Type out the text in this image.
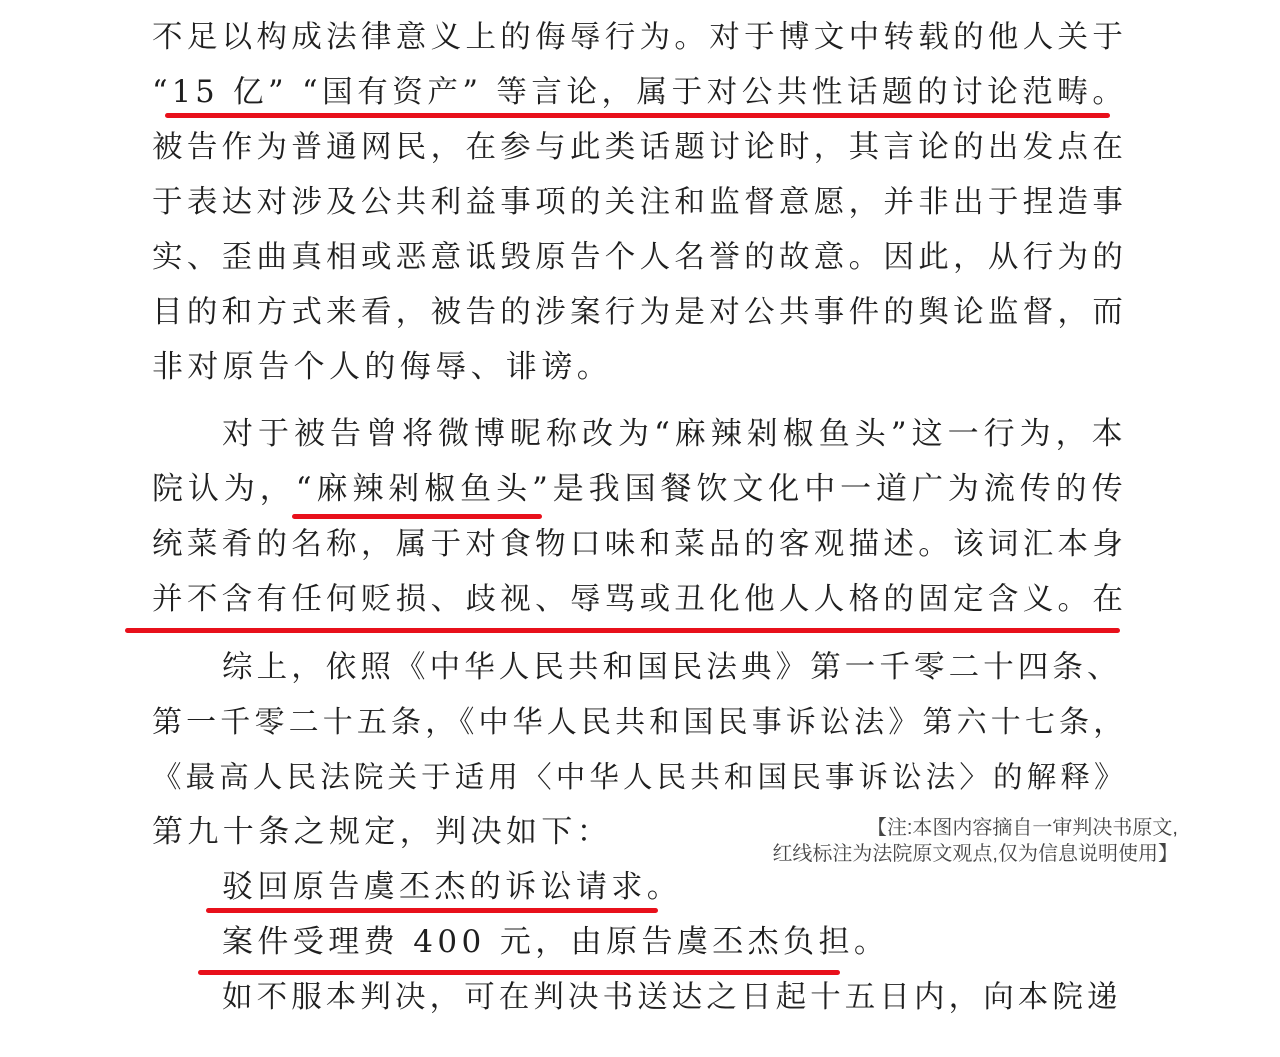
不足以构成法律意义上的侮辱行为。对于博文中转载的他人关于
“15 亿” “国有资产” 等言论，属于对公共性话题的讨论范畴。
被告作为普通网民，在参与此类话题讨论时，其言论的出发点在
于表达对涉及公共利益事项的关注和监督意愿，并非出于捏造事
实、歪曲真相或恶意诋毁原告个人名誉的故意。因此，从行为的
目的和方式来看，被告的涉案行为是对公共事件的舆论监督，而
非对原告个人的侮辱、诽谤。
对于被告曾将微博昵称改为“麻辣剁椒鱼头”这一行为，本
院认为，“麻辣剁椒鱼头”是我国餐饮文化中一道广为流传的传
统菜肴的名称，属于对食物口味和菜品的客观描述。该词汇本身
并不含有任何贬损、歧视、辱骂或丑化他人人格的固定含义。在
综上，依照《中华人民共和国民法典》第一千零二十四条、
第一千零二十五条，《中华人民共和国民事诉讼法》第六十七条，
《最高人民法院关于适用〈中华人民共和国民事诉讼法〉的解释》
第九十条之规定，判决如下：
驳回原告虞丕杰的诉讼请求。
案件受理费 400 元，由原告虞丕杰负担。
如不服本判决，可在判决书送达之日起十五日内，向本院递
【注:本图内容摘自一审判决书原文,
红线标注为法院原文观点,仅为信息说明使用】
